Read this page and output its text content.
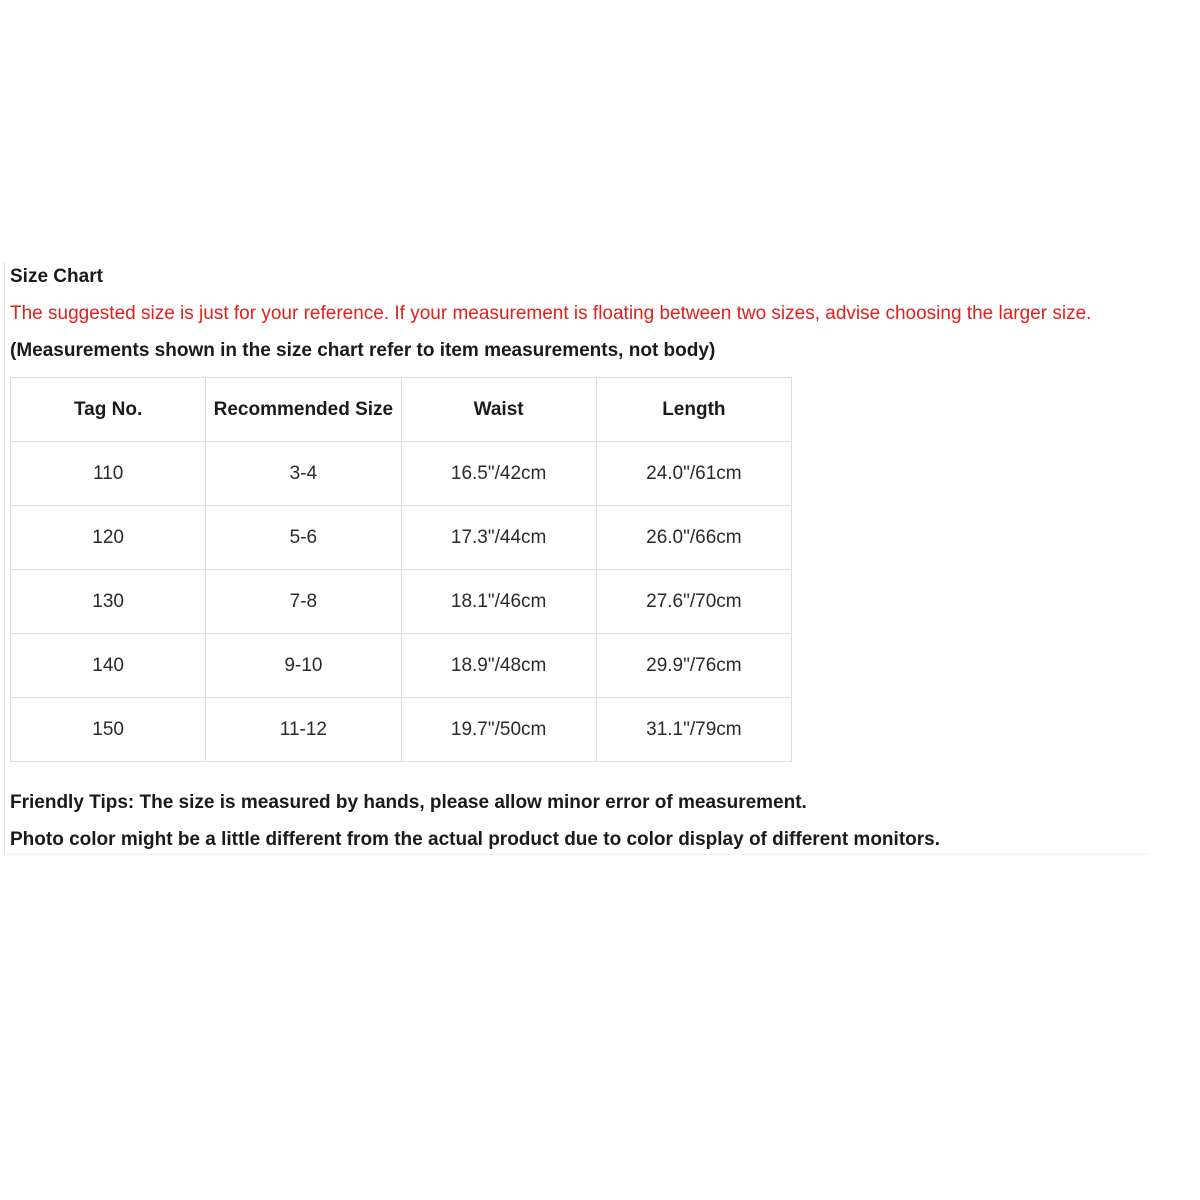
Size Chart
The suggested size is just for your reference. If your measurement is floating between two sizes, advise choosing the larger size.
(Measurements shown in the size chart refer to item measurements, not body)
Tag No.	Recommended Size	Waist	Length
110	3-4	16.5"/42cm	24.0"/61cm
120	5-6	17.3"/44cm	26.0"/66cm
130	7-8	18.1"/46cm	27.6"/70cm
140	9-10	18.9"/48cm	29.9"/76cm
150	11-12	19.7"/50cm	31.1"/79cm
Friendly Tips: The size is measured by hands, please allow minor error of measurement.
Photo color might be a little different from the actual product due to color display of different monitors.
